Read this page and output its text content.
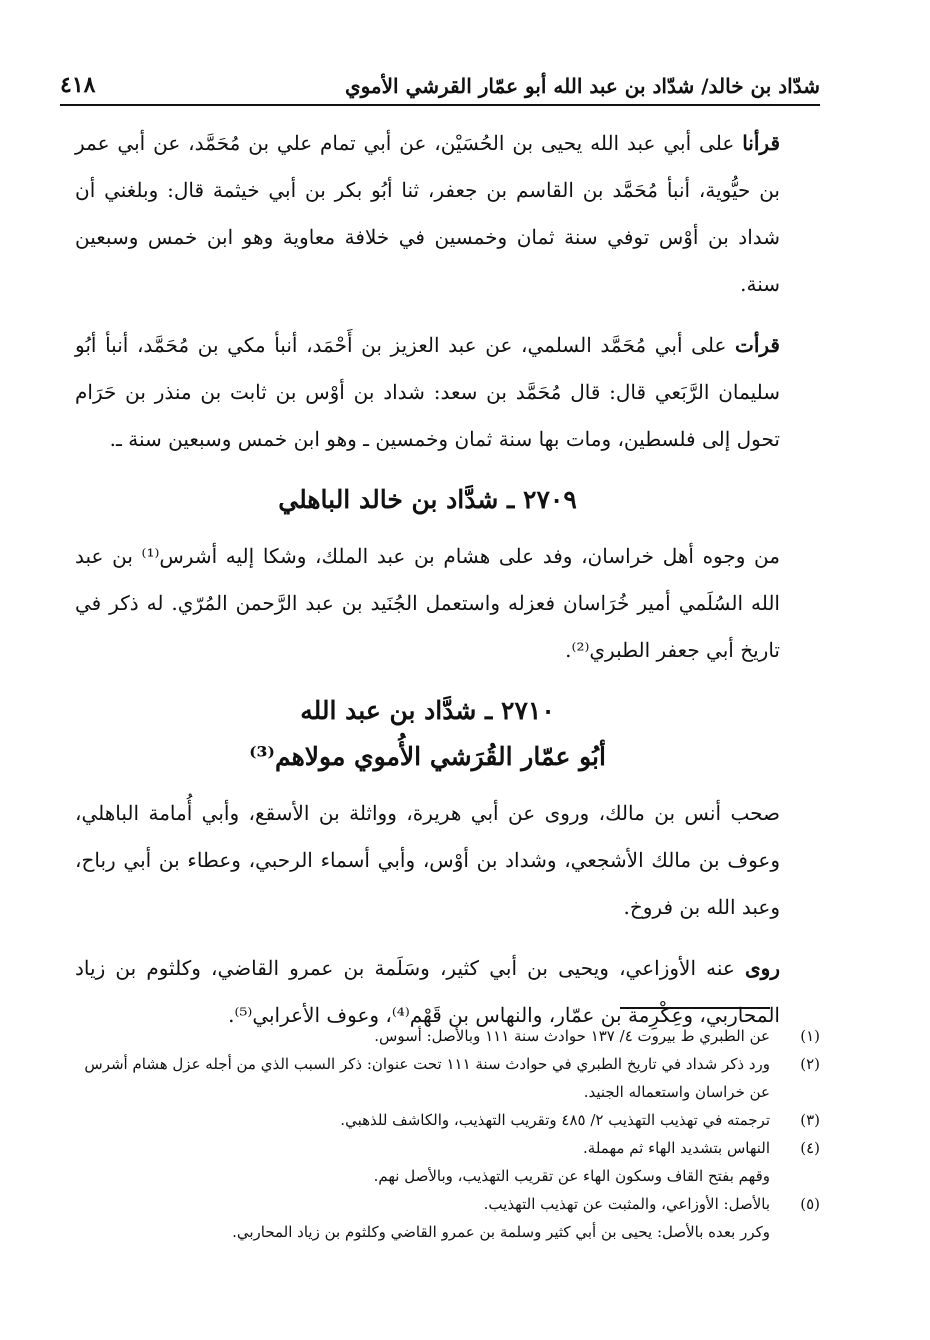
شدّاد بن خالد/ شدّاد بن عبد الله أبو عمّار القرشي الأموي
٤١٨

قرأنا على أبي عبد الله يحيى بن الحُسَيْن، عن أبي تمام علي بن مُحَمَّد، عن أبي عمر بن حيُّوية، أنبأ مُحَمَّد بن القاسم بن جعفر، ثنا أبُو بكر بن أبي خيثمة قال: وبلغني أن شداد بن أوْس توفي سنة ثمان وخمسين في خلافة معاوية وهو ابن خمس وسبعين سنة.

قرأت على أبي مُحَمَّد السلمي، عن عبد العزيز بن أَحْمَد، أنبأ مكي بن مُحَمَّد، أنبأ أبُو سليمان الرَّبَعي قال: قال مُحَمَّد بن سعد: شداد بن أوْس بن ثابت بن منذر بن حَرَام تحول إلى فلسطين، ومات بها سنة ثمان وخمسين ـ وهو ابن خمس وسبعين سنة ـ.

٢٧٠٩ ـ شدَّاد بن خالد الباهلي

من وجوه أهل خراسان، وفد على هشام بن عبد الملك، وشكا إليه أشرس⁽¹⁾ بن عبد الله السُلَمي أمير خُرَاسان فعزله واستعمل الجُنَيد بن عبد الرَّحمن المُرّي. له ذكر في تاريخ أبي جعفر الطبري⁽²⁾.

٢٧١٠ ـ شدَّاد بن عبد الله
أبُو عمّار القُرَشي الأُموي مولاهم⁽³⁾

صحب أنس بن مالك، وروى عن أبي هريرة، وواثلة بن الأسقع، وأبي أُمامة الباهلي، وعوف بن مالك الأشجعي، وشداد بن أوْس، وأبي أسماء الرحبي، وعطاء بن أبي رباح، وعبد الله بن فروخ.

روى عنه الأوزاعي، ويحيى بن أبي كثير، وسَلَمة بن عمرو القاضي، وكلثوم بن زياد المحاربي، وعِكْرِمة بن عمّار، والنهاس بن قَهْم⁽⁴⁾، وعوف الأعرابي⁽⁵⁾.

(١)
عن الطبري ط بيروت ٤/ ١٣٧ حوادث سنة ١١١ وبالأصل: أسوس.
(٢)
ورد ذكر شداد في تاريخ الطبري في حوادث سنة ١١١ تحت عنوان: ذكر السبب الذي من أجله عزل هشام أشرس عن خراسان واستعماله الجنيد.
(٣)
ترجمته في تهذيب التهذيب ٢/ ٤٨٥ وتقريب التهذيب، والكاشف للذهبي.
(٤)
النهاس بتشديد الهاء ثم مهملة.
وقهم بفتح القاف وسكون الهاء عن تقريب التهذيب، وبالأصل نهم.
(٥)
بالأصل: الأوزاعي، والمثبت عن تهذيب التهذيب.
وكرر بعده بالأصل: يحيى بن أبي كثير وسلمة بن عمرو القاضي وكلثوم بن زياد المحاربي.
